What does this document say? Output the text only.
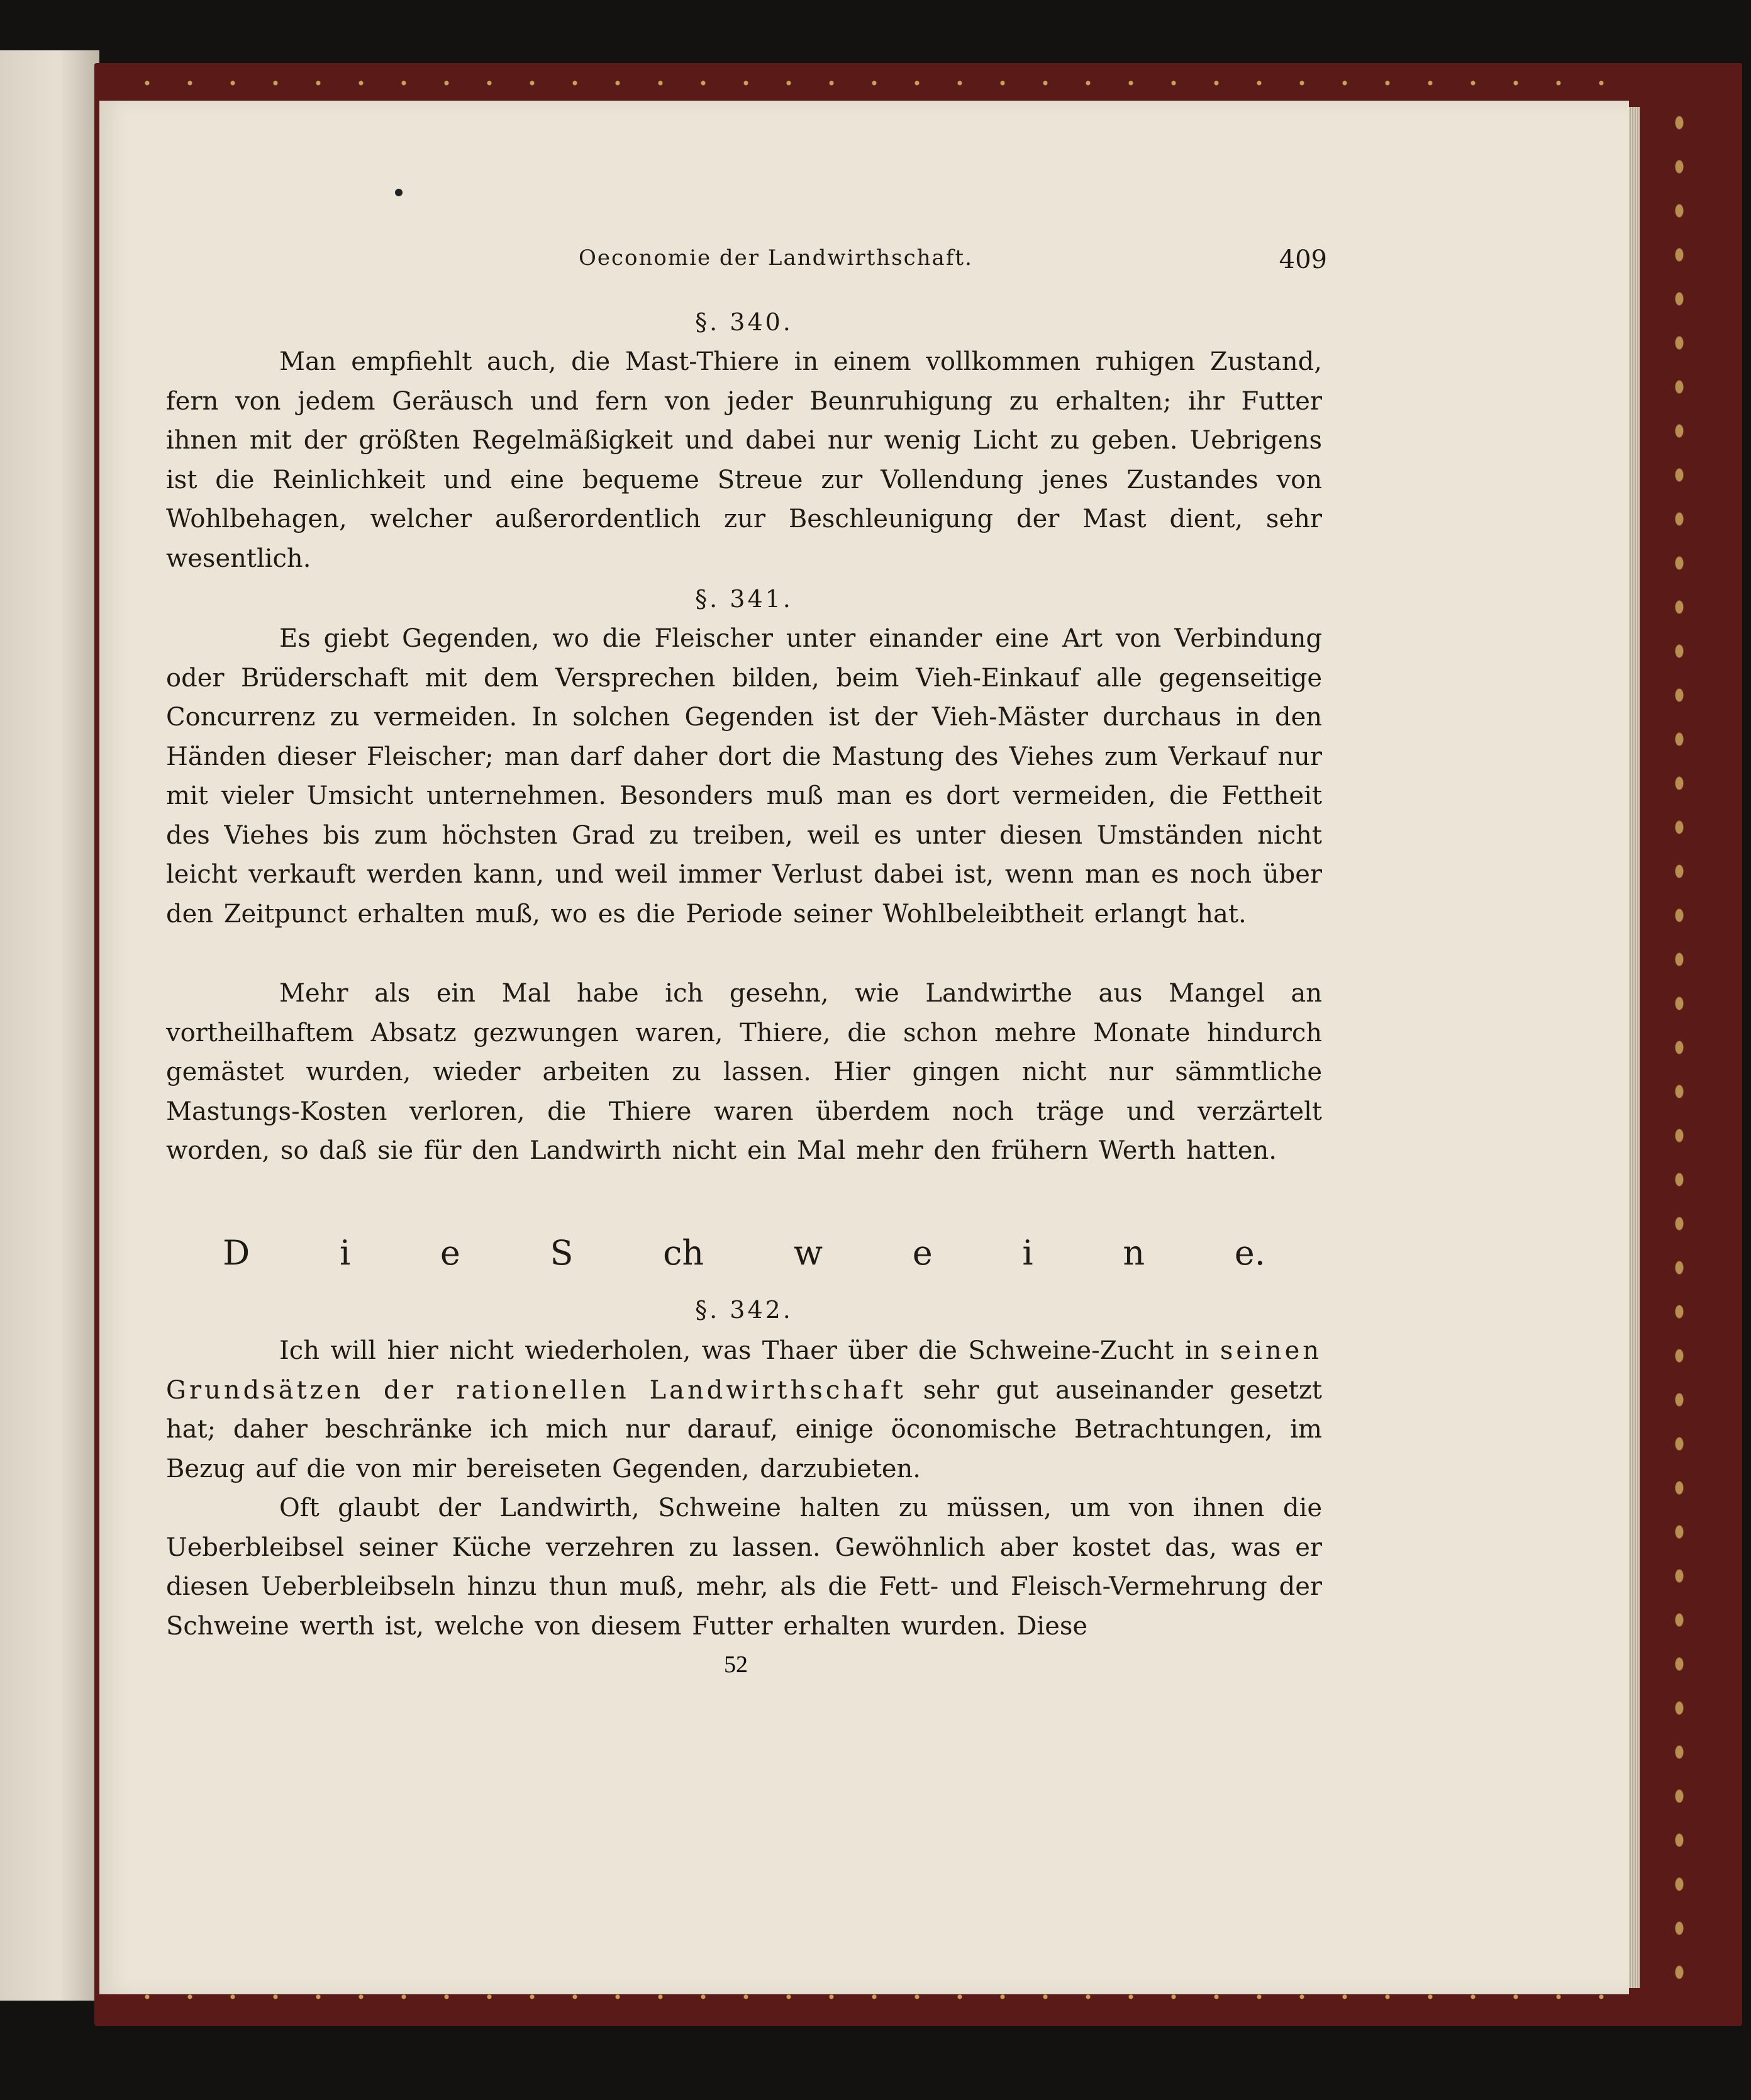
Oeconomie der Landwirthschaft.	409
§. 340.

Man empfiehlt auch, die Mast-Thiere in einem vollkommen ruhigen Zustand, fern von jedem Geräusch und fern von jeder Beunruhigung zu erhalten; ihr Futter ihnen mit der größten Regelmäßigkeit und dabei nur wenig Licht zu geben. Uebrigens ist die Reinlichkeit und eine bequeme Streue zur Vollendung jenes Zustandes von Wohlbehagen, welcher außerordentlich zur Beschleunigung der Mast dient, sehr wesentlich.

§. 341.

Es giebt Gegenden, wo die Fleischer unter einander eine Art von Verbindung oder Brüderschaft mit dem Versprechen bilden, beim Vieh-Einkauf alle gegenseitige Concurrenz zu vermeiden. In solchen Gegenden ist der Vieh-Mäster durchaus in den Händen dieser Fleischer; man darf daher dort die Mastung des Viehes zum Verkauf nur mit vieler Umsicht unternehmen. Besonders muß man es dort vermeiden, die Fettheit des Viehes bis zum höchsten Grad zu treiben, weil es unter diesen Umständen nicht leicht verkauft werden kann, und weil immer Verlust dabei ist, wenn man es noch über den Zeitpunct erhalten muß, wo es die Periode seiner Wohlbeleibtheit erlangt hat.

Mehr als ein Mal habe ich gesehn, wie Landwirthe aus Mangel an vortheilhaftem Absatz gezwungen waren, Thiere, die schon mehre Monate hindurch gemästet wurden, wieder arbeiten zu lassen. Hier gingen nicht nur sämmtliche Mastungs-Kosten verloren, die Thiere waren überdem noch träge und verzärtelt worden, so daß sie für den Landwirth nicht ein Mal mehr den frühern Werth hatten.

D	i	e	S	ch	w	e	i	n	e.
§. 342.

Ich will hier nicht wiederholen, was Thaer über die Schweine-Zucht in seinen Grundsätzen der rationellen Landwirthschaft sehr gut auseinander gesetzt hat; daher beschränke ich mich nur darauf, einige öconomische Betrachtungen, im Bezug auf die von mir bereiseten Gegenden, darzubieten.

Oft glaubt der Landwirth, Schweine halten zu müssen, um von ihnen die Ueberbleibsel seiner Küche verzehren zu lassen. Gewöhnlich aber kostet das, was er diesen Ueberbleibseln hinzu thun muß, mehr, als die Fett- und Fleisch-Vermehrung der Schweine werth ist, welche von diesem Futter erhalten wurden. Diese

52
